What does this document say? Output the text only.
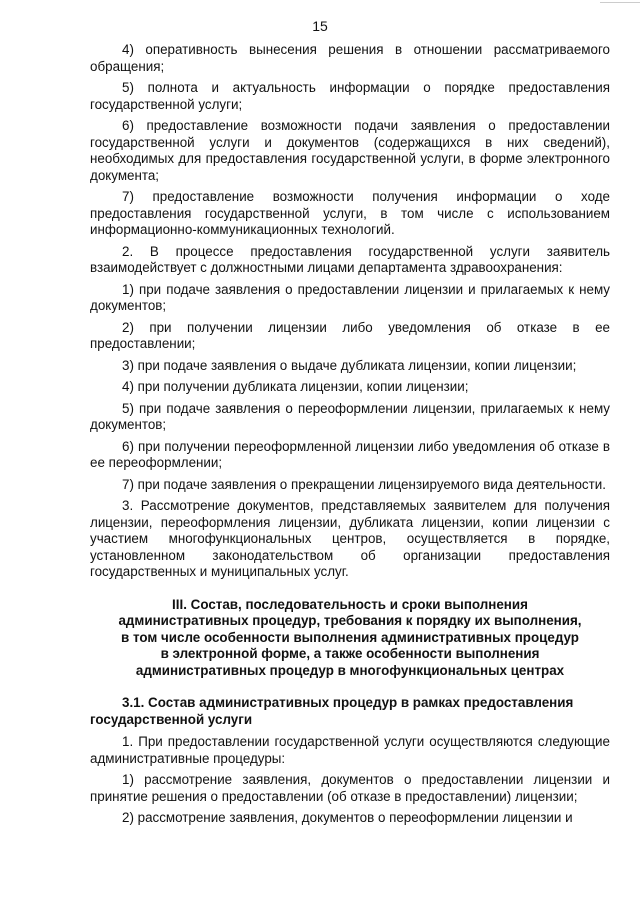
15

4) оперативность вынесения решения в отношении рассматриваемого обращения;

5) полнота и актуальность информации о порядке предоставления государственной услуги;

6) предоставление возможности подачи заявления о предоставлении государственной услуги и документов (содержащихся в них сведений), необходимых для предоставления государственной услуги, в форме электронного документа;

7) предоставление возможности получения информации о ходе предоставления государственной услуги, в том числе с использованием информационно-коммуникационных технологий.

2. В процессе предоставления государственной услуги заявитель взаимодействует с должностными лицами департамента здравоохранения:

1) при подаче заявления о предоставлении лицензии и прилагаемых к нему документов;

2) при получении лицензии либо уведомления об отказе в ее предоставлении;

3) при подаче заявления о выдаче дубликата лицензии, копии лицензии;

4) при получении дубликата лицензии, копии лицензии;

5) при подаче заявления о переоформлении лицензии, прилагаемых к нему документов;

6) при получении переоформленной лицензии либо уведомления об отказе в ее переоформлении;

7) при подаче заявления о прекращении лицензируемого вида деятельности.

3. Рассмотрение документов, представляемых заявителем для получения лицензии, переоформления лицензии, дубликата лицензии, копии лицензии с участием многофункциональных центров, осуществляется в порядке, установленном законодательством об организации предоставления государственных и муниципальных услуг.

III. Состав, последовательность и сроки выполнения
административных процедур, требования к порядку их выполнения,
в том числе особенности выполнения административных процедур
в электронной форме, а также особенности выполнения
административных процедур в многофункциональных центрах

3.1. Состав административных процедур в рамках предоставления государственной услуги

1. При предоставлении государственной услуги осуществляются следующие административные процедуры:

1) рассмотрение заявления, документов о предоставлении лицензии и принятие решения о предоставлении (об отказе в предоставлении) лицензии;

2) рассмотрение заявления, документов о переоформлении лицензии и
